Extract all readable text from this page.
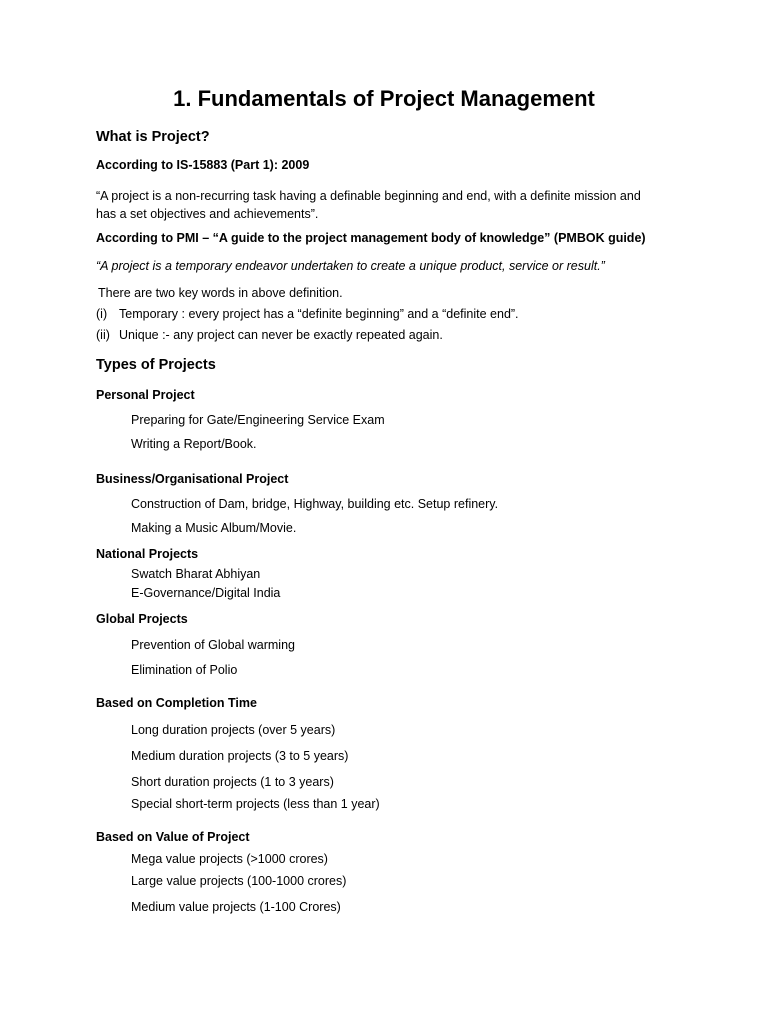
1. Fundamentals of Project Management
What is Project?
According to IS-15883 (Part 1): 2009
“A project is a non-recurring task having a definable beginning and end, with a definite mission and
has a set objectives and achievements”.
According to PMI – “A guide to the project management body of knowledge” (PMBOK guide)
“A project is a temporary endeavor undertaken to create a unique product, service or result.”
There are two key words in above definition.
(i) Temporary : every project has a “definite beginning” and a “definite end”.
(ii) Unique :- any project can never be exactly repeated again.
Types of Projects
Personal Project
Preparing for Gate/Engineering Service Exam
Writing a Report/Book.
Business/Organisational Project
Construction of Dam, bridge, Highway, building etc. Setup refinery.
Making a Music Album/Movie.
National Projects
Swatch Bharat Abhiyan
E-Governance/Digital India
Global Projects
Prevention of Global warming
Elimination of Polio
Based on Completion Time
Long duration projects (over 5 years)
Medium duration projects (3 to 5 years)
Short duration projects (1 to 3 years)
Special short-term projects (less than 1 year)
Based on Value of Project
Mega value projects (>1000 crores)
Large value projects (100-1000 crores)
Medium value projects (1-100 Crores)
